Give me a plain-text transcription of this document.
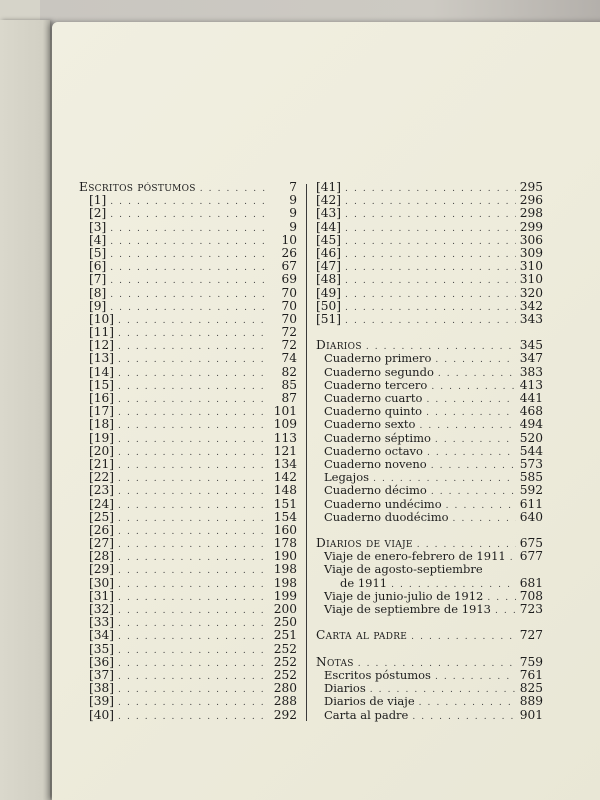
Escritos póstumos . . .	7
[1] . . .	9
[2] . . .	9
[3] . . .	9
[4] . . .	10
[5] . . .	26
[6] . . .	67
[7] . . .	69
[8] . . .	70
[9] . . .	70
[10] . . .	70
[11] . . .	72
[12] . . .	72
[13] . . .	74
[14] . . .	82
[15] . . .	85
[16] . . .	87
[17] . . .	101
[18] . . .	109
[19] . . .	113
[20] . . .	121
[21] . . .	134
[22] . . .	142
[23] . . .	148
[24] . . .	151
[25] . . .	154
[26] . . .	160
[27] . . .	178
[28] . . .	190
[29] . . .	198
[30] . . .	198
[31] . . .	199
[32] . . .	200
[33] . . .	250
[34] . . .	251
[35] . . .	252
[36] . . .	252
[37] . . .	252
[38] . . .	280
[39] . . .	288
[40] . . .	292
[41] . . .	295
[42] . . .	296
[43] . . .	298
[44] . . .	299
[45] . . .	306
[46] . . .	309
[47] . . .	310
[48] . . .	310
[49] . . .	320
[50] . . .	342
[51] . . .	343
Diarios . . .	345
Cuaderno primero . . .	347
Cuaderno segundo . . .	383
Cuaderno tercero . . .	413
Cuaderno cuarto . . .	441
Cuaderno quinto . . .	468
Cuaderno sexto . . .	494
Cuaderno séptimo . . .	520
Cuaderno octavo . . .	544
Cuaderno noveno . . .	573
Legajos . . .	585
Cuaderno décimo . . .	592
Cuaderno undécimo . . .	611
Cuaderno duodécimo . . .	640
Diarios de viaje . . .	675
Viaje de enero-febrero de 1911 . . .	677
Viaje de agosto-septiembre
de 1911 . . .	681
Viaje de junio-julio de 1912 . . .	708
Viaje de septiembre de 1913 . . .	723
Carta al padre . . .	727
Notas . . .	759
Escritos póstumos . . .	761
Diarios . . .	825
Diarios de viaje . . .	889
Carta al padre . . .	901
